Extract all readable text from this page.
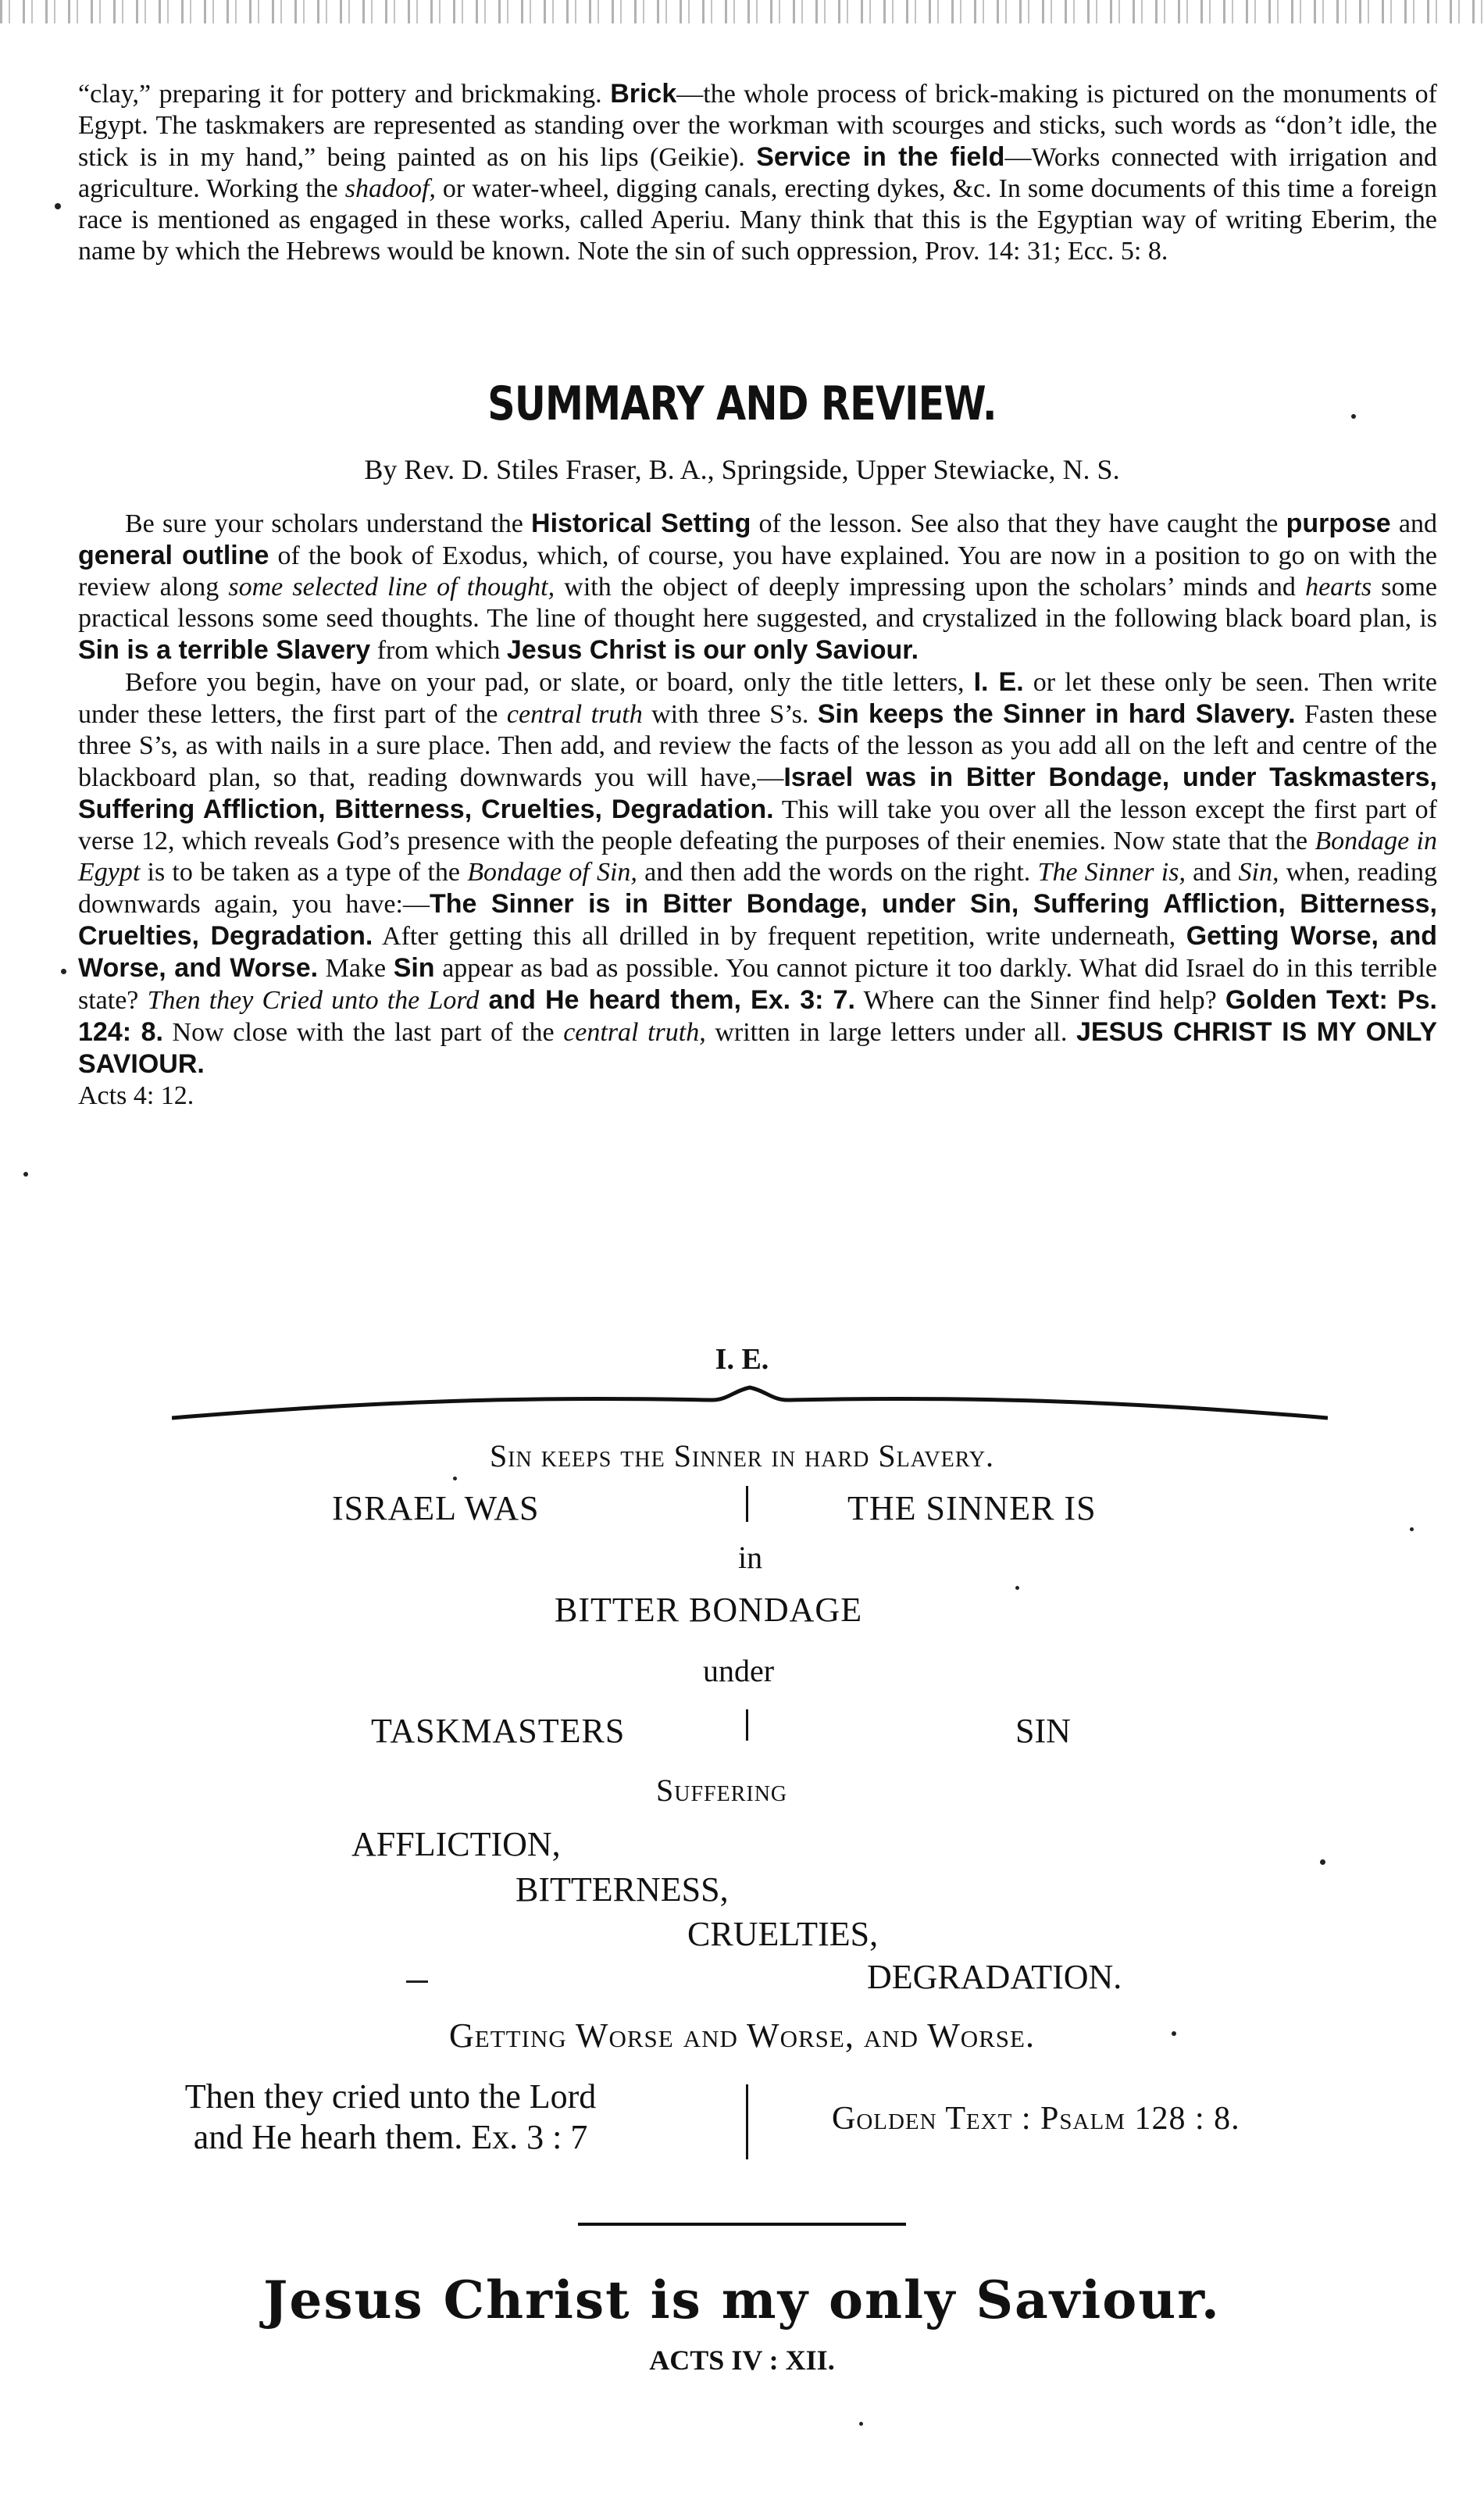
“clay,” preparing it for pottery and brickmaking. Brick—the whole process of brick-making is pictured on the monuments of Egypt. The taskmakers are represented as standing over the workman with scourges and sticks, such words as “don’t idle, the stick is in my hand,” being painted as on his lips (Geikie). Service in the field—Works connected with irrigation and agriculture. Working the shadoof, or water-wheel, digging canals, erecting dykes, &c. In some documents of this time a foreign race is mentioned as engaged in these works, called Aperiu. Many think that this is the Egyptian way of writing Eberim, the name by which the Hebrews would be known. Note the sin of such oppression, Prov. 14: 31; Ecc. 5: 8.

SUMMARY AND REVIEW.
By Rev. D. Stiles Fraser, B. A., Springside, Upper Stewiacke, N. S.

Be sure your scholars understand the Historical Setting of the lesson. See also that they have caught the purpose and general outline of the book of Exodus, which, of course, you have explained. You are now in a position to go on with the review along some selected line of thought, with the object of deeply impressing upon the scholars’ minds and hearts some practical lessons some seed thoughts. The line of thought here suggested, and crystalized in the following black board plan, is Sin is a terrible Slavery from which Jesus Christ is our only Saviour.

Before you begin, have on your pad, or slate, or board, only the title letters, I. E. or let these only be seen. Then write under these letters, the first part of the central truth with three S’s. Sin keeps the Sinner in hard Slavery. Fasten these three S’s, as with nails in a sure place. Then add, and review the facts of the lesson as you add all on the left and centre of the blackboard plan, so that, reading downwards you will have,—Israel was in Bitter Bondage, under Taskmasters, Suffering Affliction, Bitterness, Cruelties, Degradation. This will take you over all the lesson except the first part of verse 12, which reveals God’s presence with the people defeating the purposes of their enemies. Now state that the Bondage in Egypt is to be taken as a type of the Bondage of Sin, and then add the words on the right. The Sinner is, and Sin, when, reading downwards again, you have:—The Sinner is in Bitter Bondage, under Sin, Suffering Affliction, Bitterness, Cruelties, Degradation. After getting this all drilled in by frequent repetition, write underneath, Getting Worse, and Worse, and Worse. Make Sin appear as bad as possible. You cannot picture it too darkly. What did Israel do in this terrible state? Then they Cried unto the Lord and He heard them, Ex. 3: 7. Where can the Sinner find help? Golden Text: Ps. 124: 8. Now close with the last part of the central truth, written in large letters under all. JESUS CHRIST IS MY ONLY SAVIOUR.

Acts 4: 12.

I. E.
Sin keeps the Sinner in hard Slavery.
ISRAEL WAS	THE SINNER IS
in
BITTER BONDAGE
under
TASKMASTERS	SIN
Suffering
AFFLICTION,
BITTERNESS,
CRUELTIES,
DEGRADATION.
Getting Worse and Worse, and Worse.
Then they cried unto the Lord
and He hearh them. Ex. 3 : 7	Golden Text : Psalm 128 : 8.
Jesus Christ is my only Saviour.
ACTS IV : XII.
